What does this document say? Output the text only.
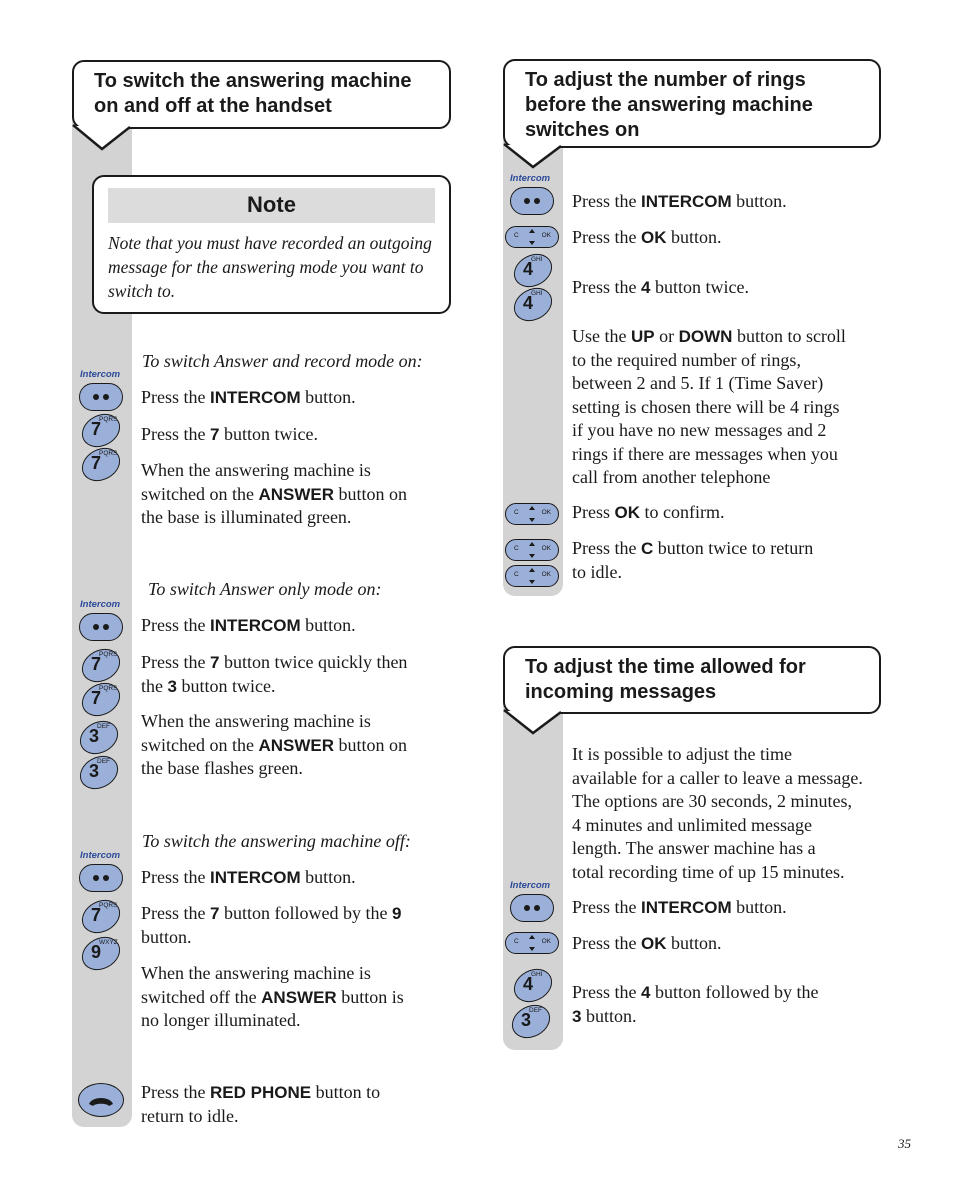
To switch the answering machine on and off at the handset
Note
Note that you must have recorded an outgoing message for the answering mode you want to switch to.
To switch Answer and record mode on:
Intercom
Press the INTERCOM button.
7
PQRS
7
PQRS
Press the 7 button twice.
When the answering machine is
switched on the ANSWER button on
the base is illuminated green.
To switch Answer only mode on:
Intercom
Press the INTERCOM button.
7
PQRS
7
PQRS
3
DEF
3
DEF
Press the 7 button twice quickly then
the 3 button twice.
When the answering machine is
switched on the ANSWER button on
the base flashes green.
To switch the answering machine off:
Intercom
Press the INTERCOM button.
7
PQRS
9
WXYZ
Press the 7 button followed by the 9
button.
When the answering machine is
switched off the ANSWER button is
no longer illuminated.
Press the RED PHONE button to
return to idle.
To adjust the number of rings before the answering machine switches on
Intercom
Press the INTERCOM button.
C	OK Press the OK button.
4
GHI
4
GHI Press the 4 button twice.
Use the UP or DOWN button to scroll
to the required number of rings,
between 2 and 5. If 1 (Time Saver)
setting is chosen there will be 4 rings
if you have no new messages and 2
rings if there are messages when you
call from another telephone
C	OK Press OK to confirm.
C	OK
C	OK
Press the C button twice to return
to idle.
To adjust the time allowed for incoming messages
It is possible to adjust the time
available for a caller to leave a message.
The options are 30 seconds, 2 minutes,
4 minutes and unlimited message
length. The answer machine has a
total recording time of up 15 minutes.
Intercom
Press the INTERCOM button.
C	OK Press the OK button.
4
GHI
3
DEF
Press the 4 button followed by the
3 button.
35
